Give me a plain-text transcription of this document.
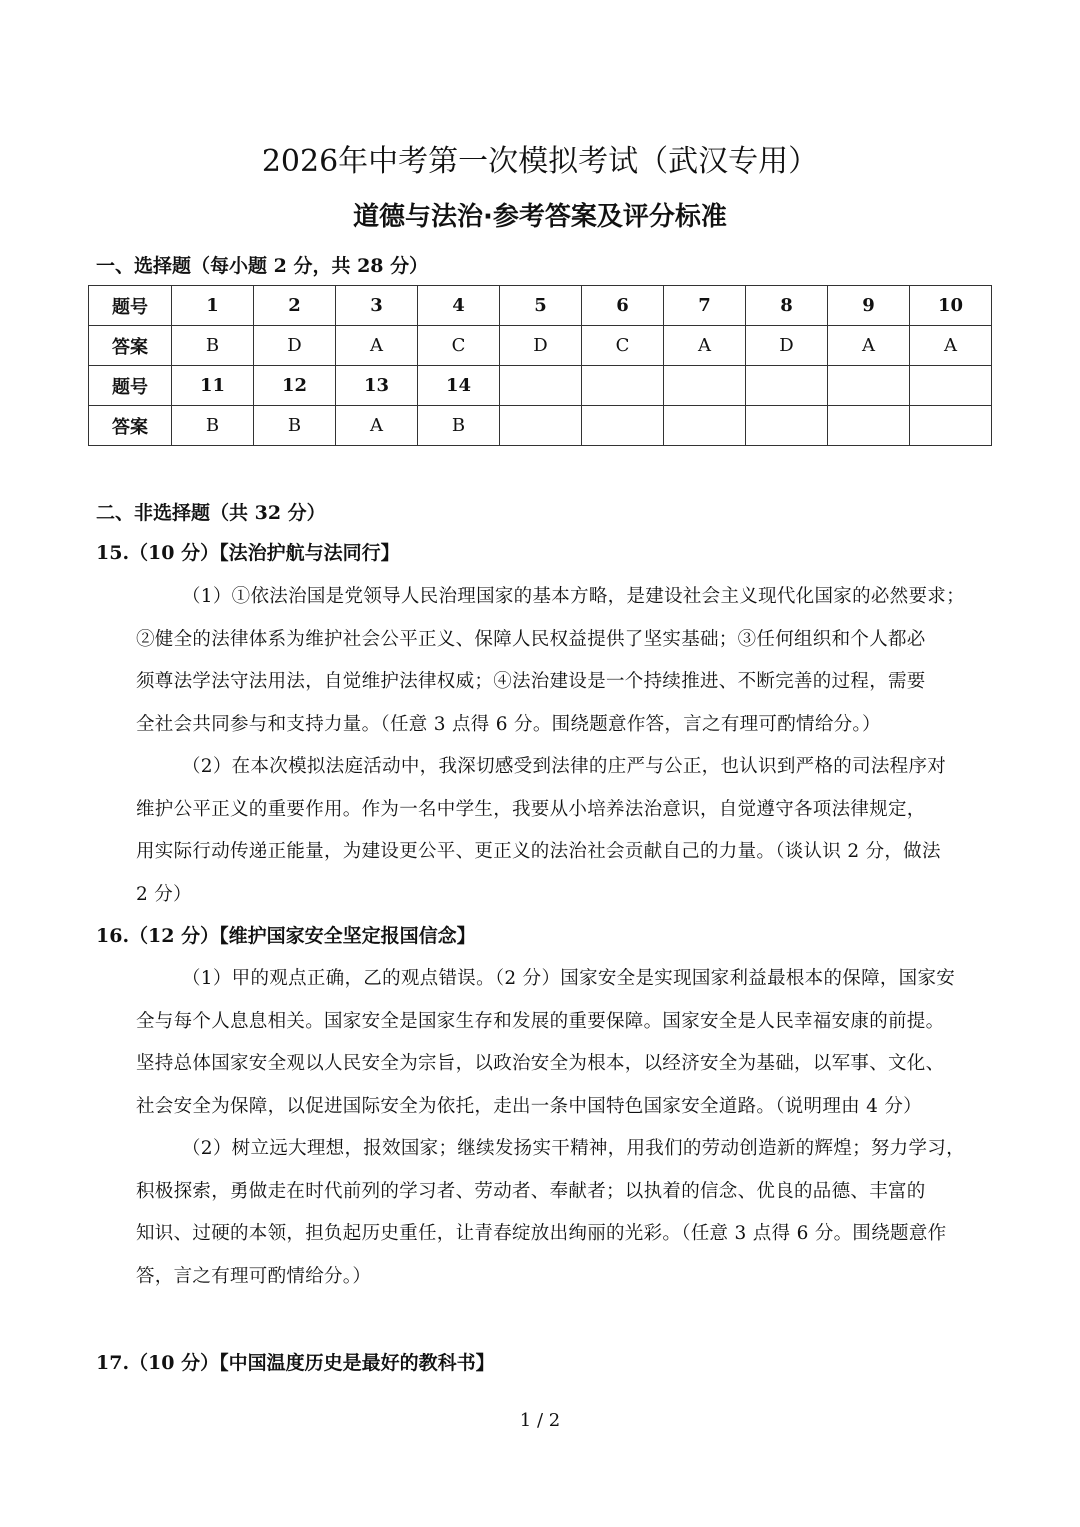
2026年中考第一次模拟考试（武汉专用）
道德与法治·参考答案及评分标准
一、选择题（每小题 2 分，共 28 分）
题号	1	2	3	4	5	6	7	8	9	10
答案	B	D	A	C	D	C	A	D	A	A
题号	11	12	13	14						
答案	B	B	A	B						
二、非选择题（共 32 分）
15.（10 分）【法治护航与法同行】
（1）①依法治国是党领导人民治理国家的基本方略，是建设社会主义现代化国家的必然要求；
②健全的法律体系为维护社会公平正义、保障人民权益提供了坚实基础；③任何组织和个人都必
须尊法学法守法用法，自觉维护法律权威；④法治建设是一个持续推进、不断完善的过程，需要
全社会共同参与和支持力量。（任意 3 点得 6 分。围绕题意作答，言之有理可酌情给分。）
（2）在本次模拟法庭活动中，我深切感受到法律的庄严与公正，也认识到严格的司法程序对
维护公平正义的重要作用。作为一名中学生，我要从小培养法治意识，自觉遵守各项法律规定，
用实际行动传递正能量，为建设更公平、更正义的法治社会贡献自己的力量。（谈认识 2 分，做法
2 分）
16.（12 分）【维护国家安全坚定报国信念】
（1）甲的观点正确，乙的观点错误。（2 分）国家安全是实现国家利益最根本的保障，国家安
全与每个人息息相关。国家安全是国家生存和发展的重要保障。国家安全是人民幸福安康的前提。
坚持总体国家安全观以人民安全为宗旨，以政治安全为根本，以经济安全为基础，以军事、文化、
社会安全为保障，以促进国际安全为依托，走出一条中国特色国家安全道路。（说明理由 4 分）
（2）树立远大理想，报效国家；继续发扬实干精神，用我们的劳动创造新的辉煌；努力学习，
积极探索，勇做走在时代前列的学习者、劳动者、奉献者；以执着的信念、优良的品德、丰富的
知识、过硬的本领，担负起历史重任，让青春绽放出绚丽的光彩。（任意 3 点得 6 分。围绕题意作
答，言之有理可酌情给分。）
17.（10 分）【中国温度历史是最好的教科书】
1 / 2
